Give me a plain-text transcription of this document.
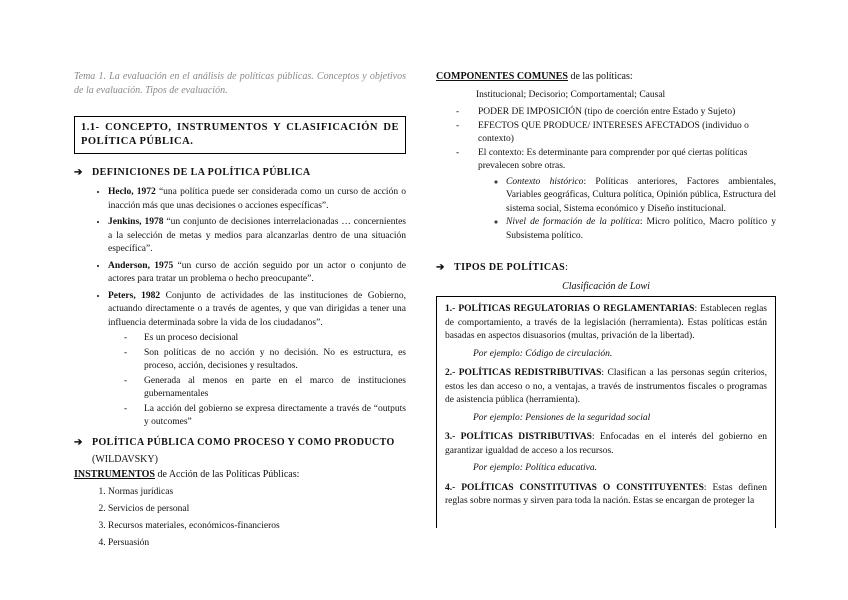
Tema 1. La evaluación en el análisis de políticas públicas. Conceptos y objetivos de la evaluación. Tipos de evaluación.
1.1- CONCEPTO, INSTRUMENTOS Y CLASIFICACIÓN DE POLÍTICA PÚBLICA.
➔ DEFINICIONES DE LA POLÍTICA PÚBLICA
• Heclo, 1972 “una política puede ser considerada como un curso de acción o inacción más que unas decisiones o acciones específicas”.
• Jenkins, 1978 “un conjunto de decisiones interrelacionadas … concernientes a la selección de metas y medios para alcanzarlas dentro de una situación específica”.
• Anderson, 1975 “un curso de acción seguido por un actor o conjunto de actores para tratar un problema o hecho preocupante”.
• Peters, 1982 Conjunto de actividades de las instituciones de Gobierno, actuando directamente o a través de agentes, y que van dirigidas a tener una influencia determinada sobre la vida de los ciudadanos”.
- Es un proceso decisional
- Son políticas de no acción y no decisión. No es estructura, es proceso, acción, decisiones y resultados.
- Generada al menos en parte en el marco de instituciones gubernamentales
- La acción del gobierno se expresa directamente a través de “outputs y outcomes”
➔ POLÍTICA PÚBLICA COMO PROCESO Y COMO PRODUCTO
(WILDAVSKY)
INSTRUMENTOS de Acción de las Políticas Públicas:
1. Normas jurídicas
2. Servicios de personal
3. Recursos materiales, económicos-financieros
4. Persuasión
COMPONENTES COMUNES de las políticas:
Institucional; Decisorio; Comportamental; Causal
- PODER DE IMPOSICIÓN (tipo de coerción entre Estado y Sujeto)
- EFECTOS QUE PRODUCE/ INTERESES AFECTADOS (individuo o contexto)
- El contexto: Es determinante para comprender por qué ciertas políticas prevalecen sobre otras.
◦ Contexto histórico: Políticas anteriores, Factores ambientales, Variables geográficas, Cultura política, Opinión pública, Estructura del sistema social, Sistema económico y Diseño institucional.
◦ Nivel de formación de la política: Micro político, Macro político y Subsistema político.
➔ TIPOS DE POLÍTICAS :
Clasificación de Lowi

1.- POLÍTICAS REGULATORIAS O REGLAMENTARIAS: Establecen reglas de comportamiento, a través de la legislación (herramienta). Estas políticas están basadas en aspectos disuasorios (multas, privación de la libertad).

Por ejemplo: Código de circulación.

2.- POLÍTICAS REDISTRIBUTIVAS: Clasifican a las personas según criterios, estos les dan acceso o no, a ventajas, a través de instrumentos fiscales o programas de asistencia pública (herramienta).

Por ejemplo: Pensiones de la seguridad social

3.- POLÍTICAS DISTRIBUTIVAS: Enfocadas en el interés del gobierno en garantizar igualdad de acceso a los recursos.

Por ejemplo: Política educativa.

4.- POLÍTICAS CONSTITUTIVAS O CONSTITUYENTES: Estas definen reglas sobre normas y sirven para toda la nación. Estas se encargan de proteger la
